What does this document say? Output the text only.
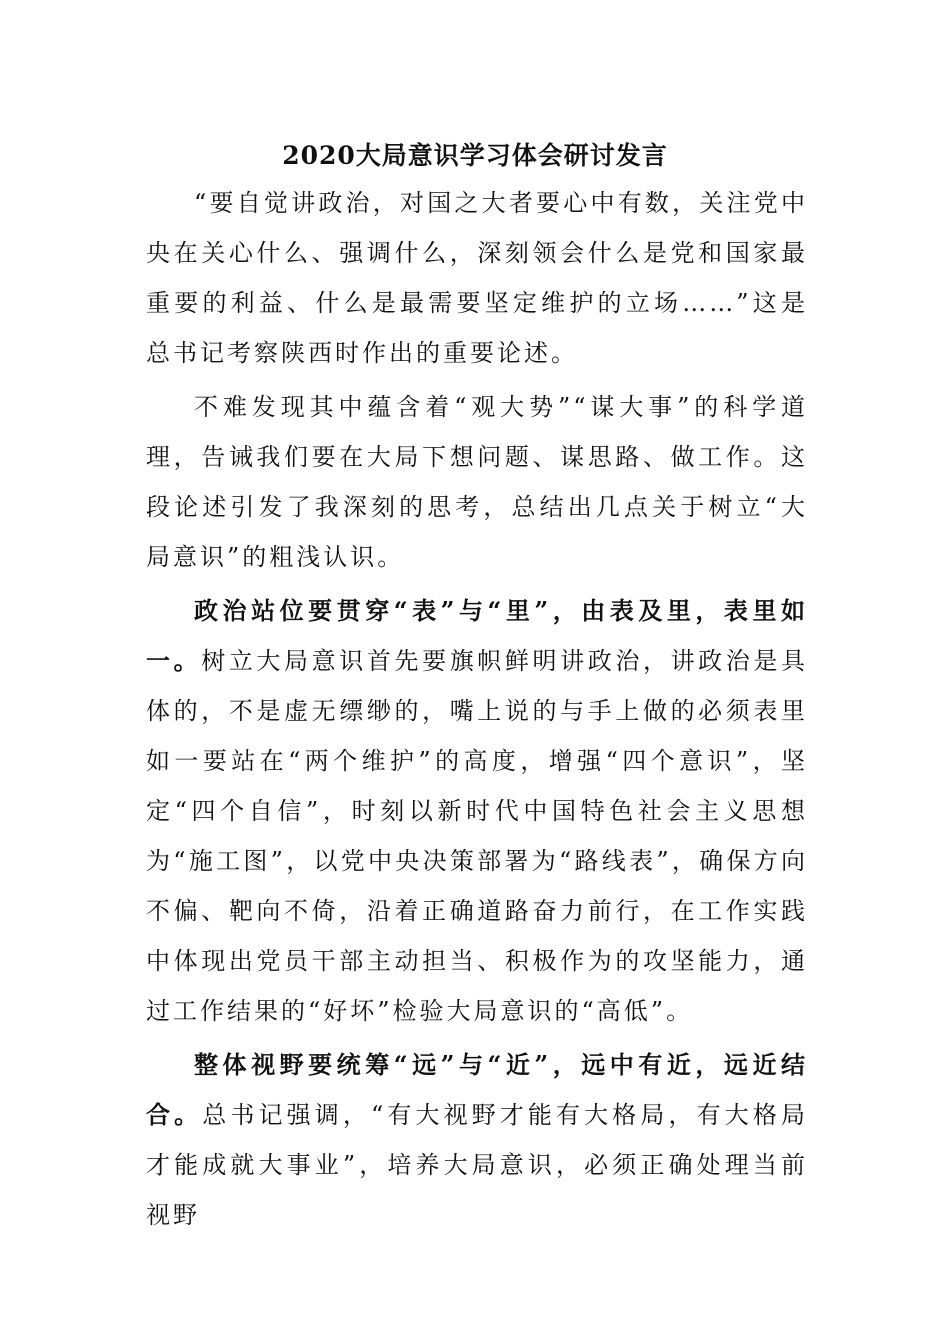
2020大局意识学习体会研讨发言

“要自觉讲政治，对国之大者要心中有数，关注党中央在关心什么、强调什么，深刻领会什么是党和国家最重要的利益、什么是最需要坚定维护的立场……”这是总书记考察陕西时作出的重要论述。

不难发现其中蕴含着“观大势”“谋大事”的科学道理，告诫我们要在大局下想问题、谋思路、做工作。这段论述引发了我深刻的思考，总结出几点关于树立“大局意识”的粗浅认识。

政治站位要贯穿“表”与“里”，由表及里，表里如一。树立大局意识首先要旗帜鲜明讲政治，讲政治是具体的，不是虚无缥缈的，嘴上说的与手上做的必须表里如一要站在“两个维护”的高度，增强“四个意识”，坚定“四个自信”，时刻以新时代中国特色社会主义思想为“施工图”，以党中央决策部署为“路线表”，确保方向不偏、靶向不倚，沿着正确道路奋力前行，在工作实践中体现出党员干部主动担当、积极作为的攻坚能力，通过工作结果的“好坏”检验大局意识的“高低”。

整体视野要统筹“远”与“近”，远中有近，远近结合。总书记强调，“有大视野才能有大格局，有大格局才能成就大事业”，培养大局意识，必须正确处理当前视野
